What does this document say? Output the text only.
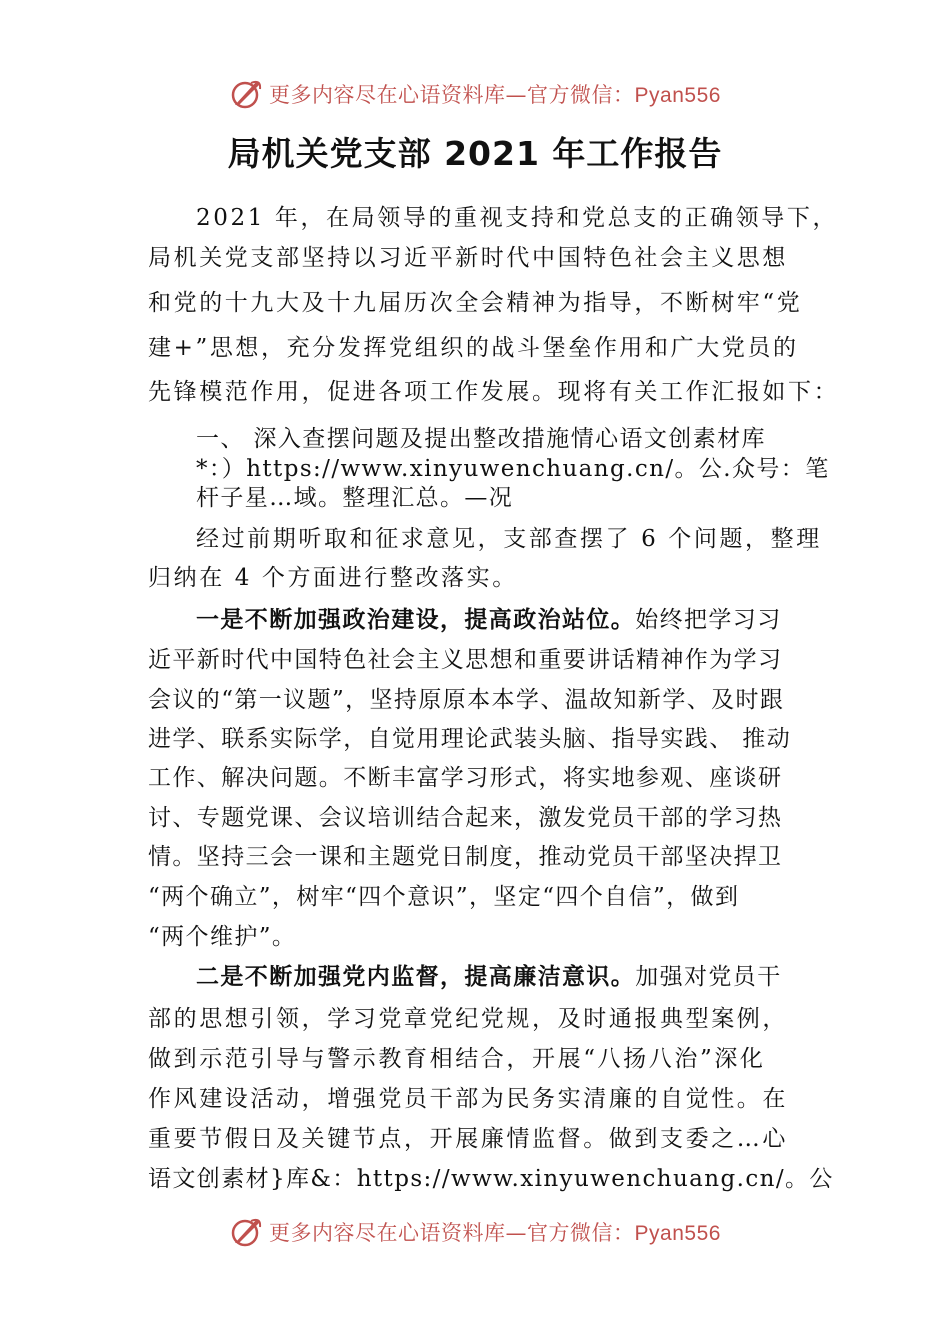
更多内容尽在心语资料库—官方微信：Pyan556
局机关党支部 2021 年工作报告
2021 年，在局领导的重视支持和党总支的正确领导下，
局机关党支部坚持以习近平新时代中国特色社会主义思想
和党的十九大及十九届历次全会精神为指导，不断树牢“党
建+”思想，充分发挥党组织的战斗堡垒作用和广大党员的
先锋模范作用，促进各项工作发展。现将有关工作汇报如下：
一、 深入查摆问题及提出整改措施情心语文创素材库
*：）https://www.xinyuwenchuang.cn/。公.众号：笔
杆子星…域。整理汇总。—况
经过前期听取和征求意见，支部查摆了 6 个问题，整理
归纳在 4 个方面进行整改落实。
一是不断加强政治建设，提高政治站位。始终把学习习
近平新时代中国特色社会主义思想和重要讲话精神作为学习
会议的“第一议题”，坚持原原本本学、温故知新学、及时跟
进学、联系实际学，自觉用理论武装头脑、指导实践、 推动
工作、解决问题。不断丰富学习形式，将实地参观、座谈研
讨、专题党课、会议培训结合起来，激发党员干部的学习热
情。坚持三会一课和主题党日制度，推动党员干部坚决捍卫
“两个确立”，树牢“四个意识”，坚定“四个自信”，做到
“两个维护”。
二是不断加强党内监督，提高廉洁意识。加强对党员干
部的思想引领，学习党章党纪党规，及时通报典型案例，
做到示范引导与警示教育相结合，开展“八扬八治”深化
作风建设活动，增强党员干部为民务实清廉的自觉性。在
重要节假日及关键节点，开展廉情监督。做到支委之…心
语文创素材}库&：https://www.xinyuwenchuang.cn/。公
更多内容尽在心语资料库—官方微信：Pyan556
